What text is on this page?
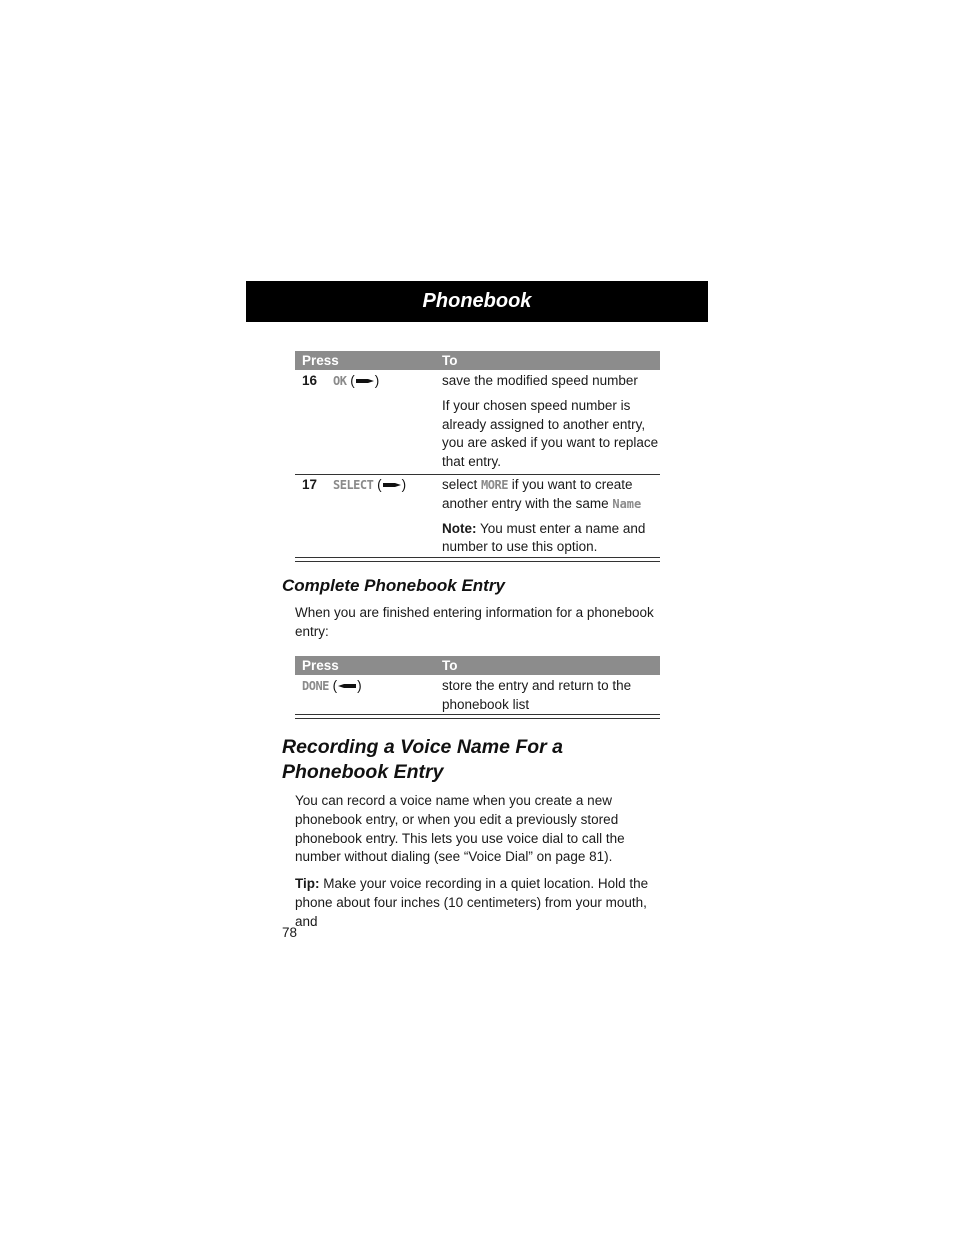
Phonebook
Press	To
16 OK ( )	save the modified speed number

If your chosen speed number is already assigned to another entry, you are asked if you want to replace that entry.

17 SELECT ( )	select MORE if you want to create another entry with the same Name

Note: You must enter a name and number to use this option.

Complete Phonebook Entry
When you are finished entering information for a phonebook entry:
Press	To
DONE ( )	store the entry and return to the phonebook list

Recording a Voice Name For a Phonebook Entry
You can record a voice name when you create a new phonebook entry, or when you edit a previously stored phonebook entry. This lets you use voice dial to call the number without dialing (see “Voice Dial” on page 81).
Tip: Make your voice recording in a quiet location. Hold the phone about four inches (10 centimeters) from your mouth, and
78
